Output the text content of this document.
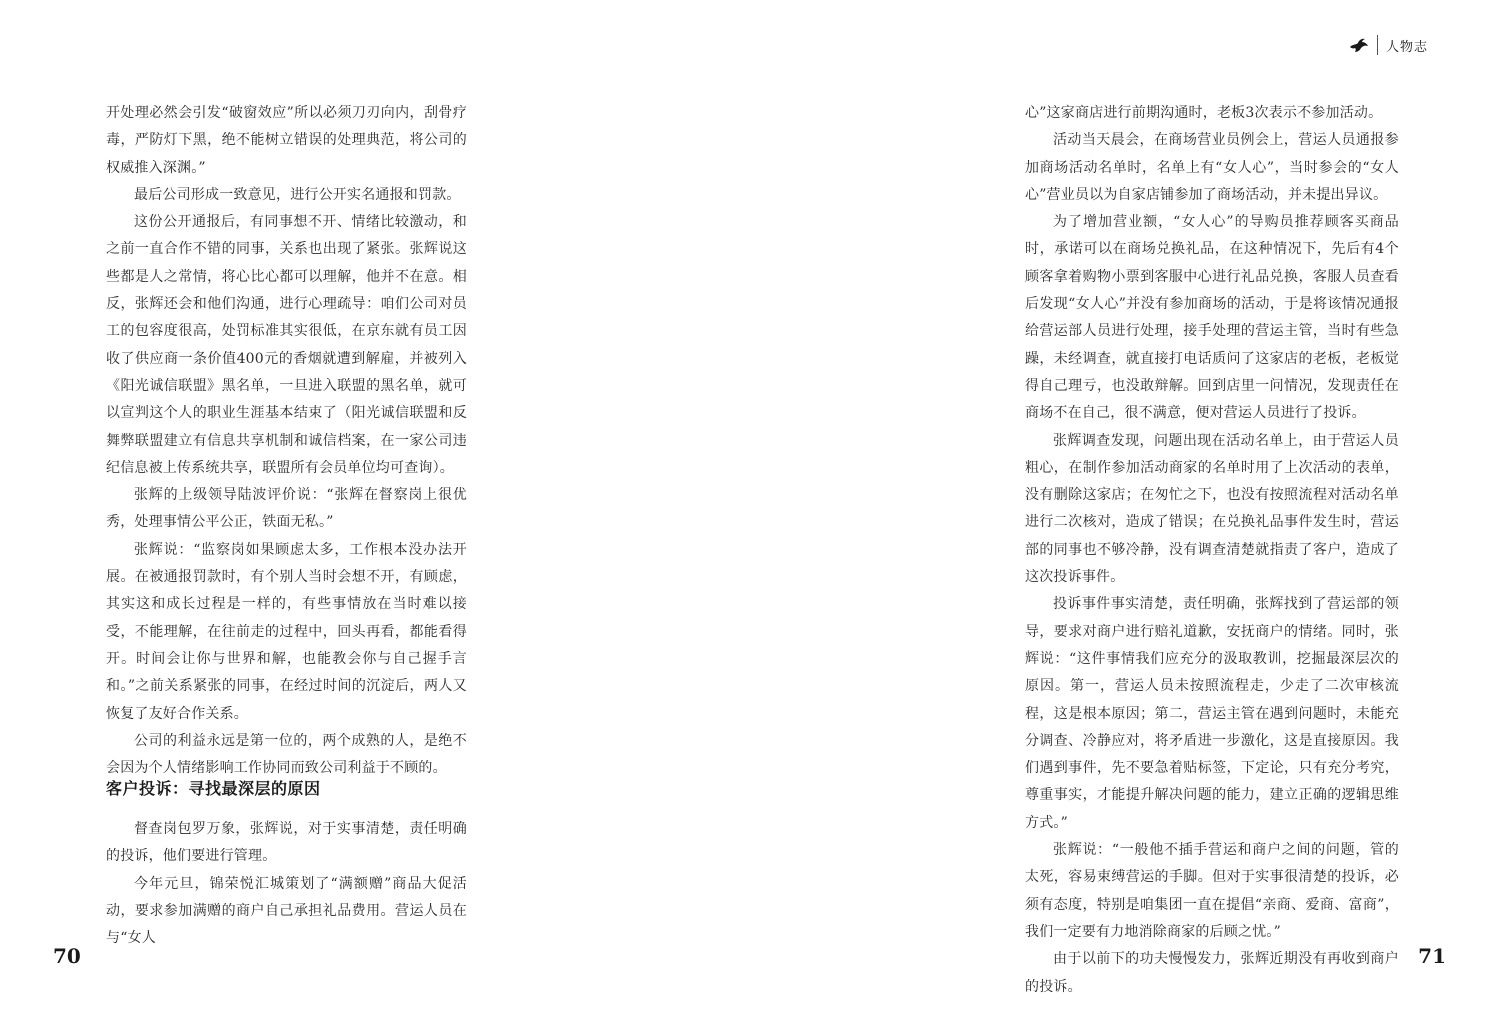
开处理必然会引发“破窗效应”所以必须刀刃向内，刮骨疗毒，严防灯下黑，绝不能树立错误的处理典范，将公司的权威推入深渊。”

最后公司形成一致意见，进行公开实名通报和罚款。

这份公开通报后，有同事想不开、情绪比较激动，和之前一直合作不错的同事，关系也出现了紧张。张辉说这些都是人之常情，将心比心都可以理解，他并不在意。相反，张辉还会和他们沟通，进行心理疏导：咱们公司对员工的包容度很高，处罚标准其实很低，在京东就有员工因收了供应商一条价值400元的香烟就遭到解雇，并被列入《阳光诚信联盟》黑名单，一旦进入联盟的黑名单，就可以宣判这个人的职业生涯基本结束了（阳光诚信联盟和反舞弊联盟建立有信息共享机制和诚信档案，在一家公司违纪信息被上传系统共享，联盟所有会员单位均可查询）。

张辉的上级领导陆波评价说：“张辉在督察岗上很优秀，处理事情公平公正，铁面无私。”

张辉说：“监察岗如果顾虑太多，工作根本没办法开展。在被通报罚款时，有个别人当时会想不开，有顾虑，其实这和成长过程是一样的，有些事情放在当时难以接受，不能理解，在往前走的过程中，回头再看，都能看得开。时间会让你与世界和解，也能教会你与自己握手言和。”之前关系紧张的同事，在经过时间的沉淀后，两人又恢复了友好合作关系。

公司的利益永远是第一位的，两个成熟的人，是绝不会因为个人情绪影响工作协同而致公司利益于不顾的。

客户投诉：寻找最深层的原因

督查岗包罗万象，张辉说，对于实事清楚，责任明确的投诉，他们要进行管理。

今年元旦，锦荣悦汇城策划了“满额赠”商品大促活动，要求参加满赠的商户自己承担礼品费用。营运人员在与“女人

70
人物志

心”这家商店进行前期沟通时，老板3次表示不参加活动。

活动当天晨会，在商场营业员例会上，营运人员通报参加商场活动名单时，名单上有“女人心”，当时参会的“女人心”营业员以为自家店铺参加了商场活动，并未提出异议。

为了增加营业额，“女人心”的导购员推荐顾客买商品时，承诺可以在商场兑换礼品，在这种情况下，先后有4个顾客拿着购物小票到客服中心进行礼品兑换，客服人员查看后发现“女人心”并没有参加商场的活动，于是将该情况通报给营运部人员进行处理，接手处理的营运主管，当时有些急躁，未经调查，就直接打电话质问了这家店的老板，老板觉得自己理亏，也没敢辩解。回到店里一问情况，发现责任在商场不在自己，很不满意，便对营运人员进行了投诉。

张辉调查发现，问题出现在活动名单上，由于营运人员粗心，在制作参加活动商家的名单时用了上次活动的表单，没有删除这家店；在匆忙之下，也没有按照流程对活动名单进行二次核对，造成了错误；在兑换礼品事件发生时，营运部的同事也不够冷静，没有调查清楚就指责了客户，造成了这次投诉事件。

投诉事件事实清楚，责任明确，张辉找到了营运部的领导，要求对商户进行赔礼道歉，安抚商户的情绪。同时，张辉说：“这件事情我们应充分的汲取教训，挖掘最深层次的原因。第一，营运人员未按照流程走，少走了二次审核流程，这是根本原因；第二，营运主管在遇到问题时，未能充分调查、冷静应对，将矛盾进一步激化，这是直接原因。我们遇到事件，先不要急着贴标签，下定论，只有充分考究，尊重事实，才能提升解决问题的能力，建立正确的逻辑思维方式。”

张辉说：“一般他不插手营运和商户之间的问题，管的太死，容易束缚营运的手脚。但对于实事很清楚的投诉，必须有态度，特别是咱集团一直在提倡“亲商、爱商、富商”，我们一定要有力地消除商家的后顾之忧。”

由于以前下的功夫慢慢发力，张辉近期没有再收到商户的投诉。

71
